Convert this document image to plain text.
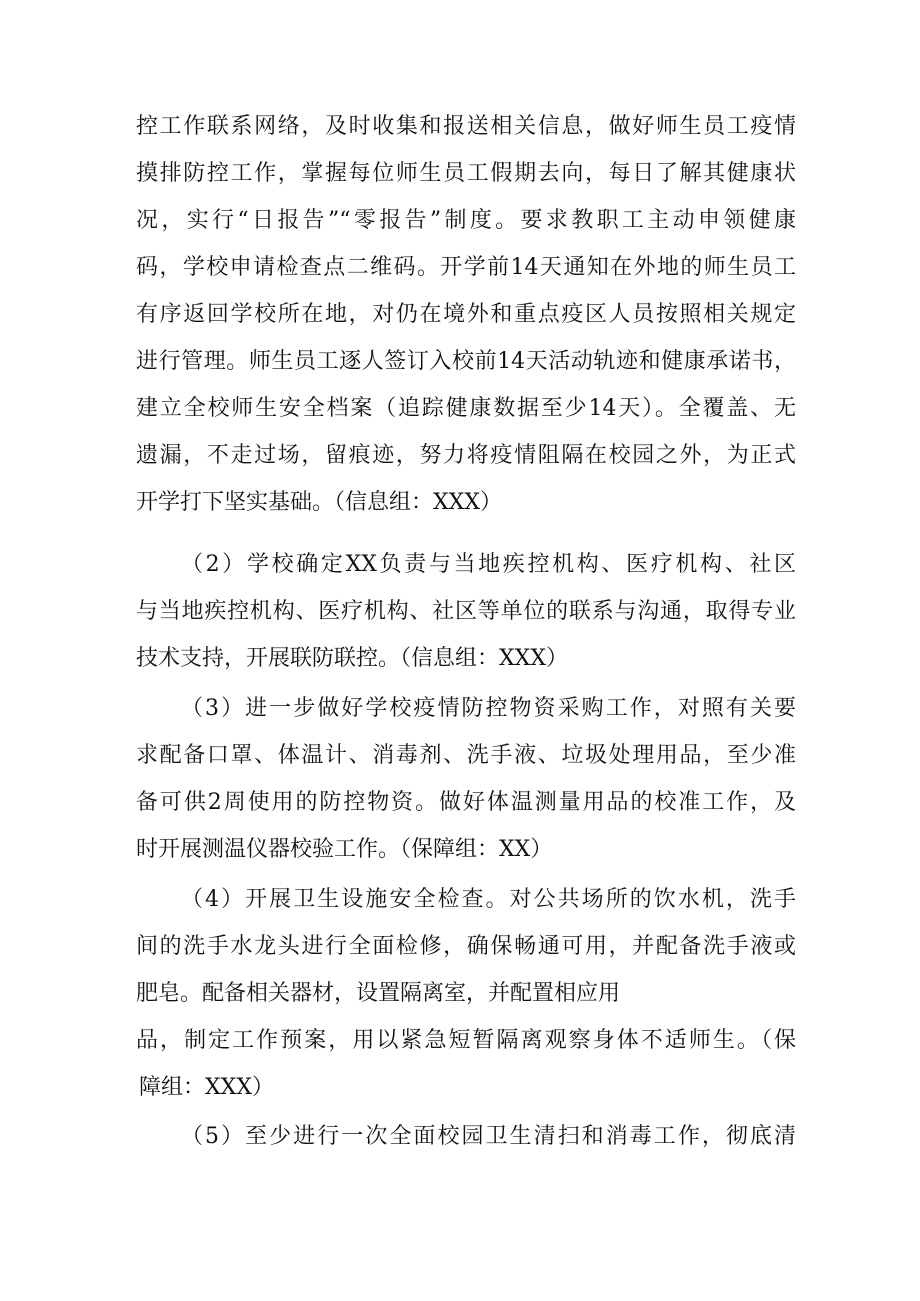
控工作联系网络，及时收集和报送相关信息，做好师生员工疫情
摸排防控工作，掌握每位师生员工假期去向，每日了解其健康状
况，实行“日报告”“零报告”制度。要求教职工主动申领健康
码，学校申请检查点二维码。开学前14天通知在外地的师生员工
有序返回学校所在地，对仍在境外和重点疫区人员按照相关规定
进行管理。师生员工逐人签订入校前14天活动轨迹和健康承诺书，
建立全校师生安全档案（追踪健康数据至少14天）。全覆盖、无
遗漏，不走过场，留痕迹，努力将疫情阻隔在校园之外，为正式
开学打下坚实基础。（信息组：XXX）
（2）学校确定XX负责与当地疾控机构、医疗机构、社区
与当地疾控机构、医疗机构、社区等单位的联系与沟通，取得专业
技术支持，开展联防联控。（信息组：XXX）
（3）进一步做好学校疫情防控物资采购工作，对照有关要
求配备口罩、体温计、消毒剂、洗手液、垃圾处理用品，至少准
备可供2周使用的防控物资。做好体温测量用品的校准工作，及
时开展测温仪器校验工作。（保障组：XX）
（4）开展卫生设施安全检查。对公共场所的饮水机，洗手
间的洗手水龙头进行全面检修，确保畅通可用，并配备洗手液或
肥皂。配备相关器材，设置隔离室，并配置相应用
品，制定工作预案，用以紧急短暂隔离观察身体不适师生。（保
障组：XXX）
（5）至少进行一次全面校园卫生清扫和消毒工作，彻底清
